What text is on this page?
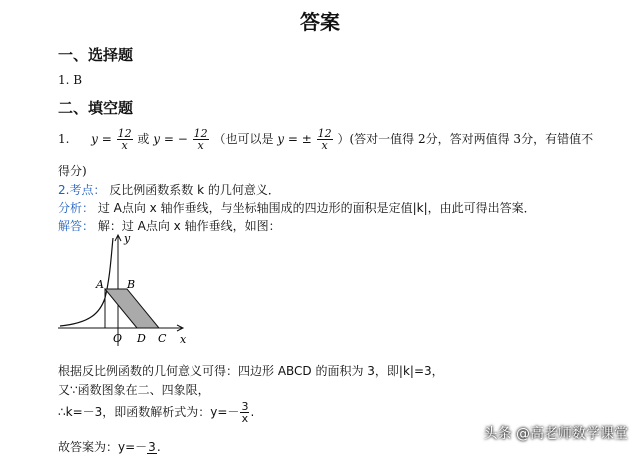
答案
一、选择题
1. B
二、填空题
1. $y = \frac{12}{x}$ 或 y = − $\frac{12}{x}$ （也可以是 y = ± $\frac{12}{x}$ ）(答对一值得 2分，答对两值得 3分，有错值不
得分)
2.考点： 反比例函数系数 k 的几何意义．
分析： 过 A点向 x 轴作垂线，与坐标轴围成的四边形的面积是定值|k|，由此可得出答案．
解答： 解：过 A点向 x 轴作垂线，如图：
y
x
A B
O D C
根据反比例函数的几何意义可得：四边形 ABCD 的面积为 3，即|k|=3，
又∵函数图象在二、四象限，
∴k=－3，即函数解析式为：$y=- \frac{3}{x}$ .
故答案为：y=－3.
头条 @高老师数学课堂
